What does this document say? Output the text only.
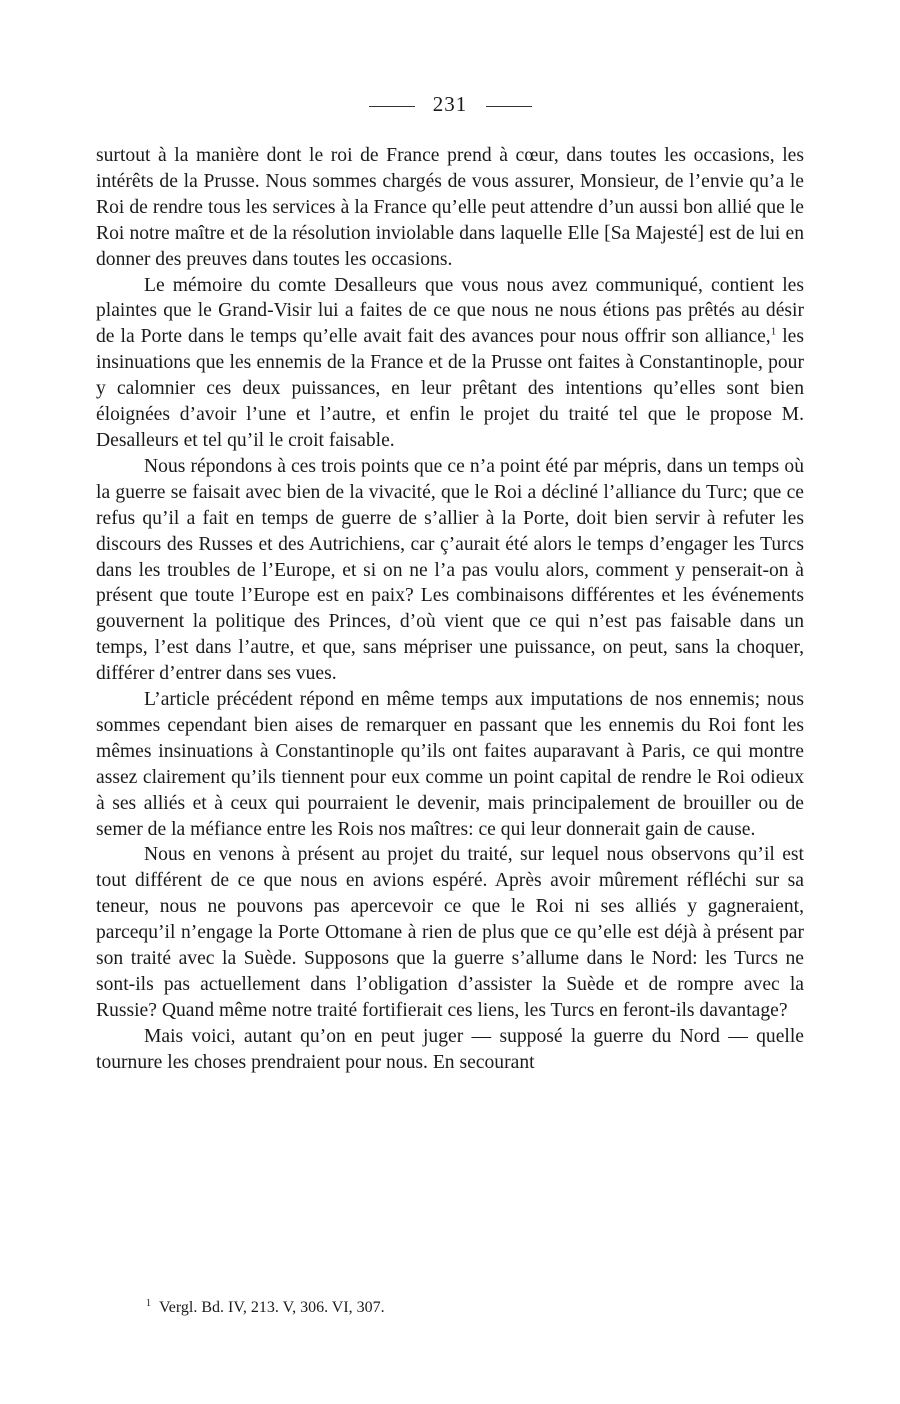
231

surtout à la manière dont le roi de France prend à cœur, dans toutes les occasions, les intérêts de la Prusse. Nous sommes chargés de vous assurer, Monsieur, de l’envie qu’a le Roi de rendre tous les services à la France qu’elle peut attendre d’un aussi bon allié que le Roi notre maître et de la résolution inviolable dans laquelle Elle [Sa Majesté] est de lui en donner des preuves dans toutes les occasions.

Le mémoire du comte Desalleurs que vous nous avez communiqué, contient les plaintes que le Grand-Visir lui a faites de ce que nous ne nous étions pas prêtés au désir de la Porte dans le temps qu’elle avait fait des avances pour nous offrir son alliance,$^1$ les insinuations que les ennemis de la France et de la Prusse ont faites à Constantinople, pour y calomnier ces deux puissances, en leur prêtant des intentions qu’elles sont bien éloignées d’avoir l’une et l’autre, et enfin le projet du traité tel que le propose M. Desalleurs et tel qu’il le croit faisable.

Nous répondons à ces trois points que ce n’a point été par mépris, dans un temps où la guerre se faisait avec bien de la vivacité, que le Roi a décliné l’alliance du Turc; que ce refus qu’il a fait en temps de guerre de s’allier à la Porte, doit bien servir à refuter les discours des Russes et des Autrichiens, car ç’aurait été alors le temps d’engager les Turcs dans les troubles de l’Europe, et si on ne l’a pas voulu alors, comment y penserait-on à présent que toute l’Europe est en paix? Les combinaisons différentes et les événements gouvernent la politique des Princes, d’où vient que ce qui n’est pas faisable dans un temps, l’est dans l’autre, et que, sans mépriser une puissance, on peut, sans la choquer, différer d’entrer dans ses vues.

L’article précédent répond en même temps aux imputations de nos ennemis; nous sommes cependant bien aises de remarquer en passant que les ennemis du Roi font les mêmes insinuations à Constantinople qu’ils ont faites auparavant à Paris, ce qui montre assez clairement qu’ils tiennent pour eux comme un point capital de rendre le Roi odieux à ses alliés et à ceux qui pourraient le devenir, mais principalement de brouiller ou de semer de la méfiance entre les Rois nos maîtres: ce qui leur donnerait gain de cause.

Nous en venons à présent au projet du traité, sur lequel nous observons qu’il est tout différent de ce que nous en avions espéré. Après avoir mûrement réfléchi sur sa teneur, nous ne pouvons pas apercevoir ce que le Roi ni ses alliés y gagneraient, parcequ’il n’engage la Porte Ottomane à rien de plus que ce qu’elle est déjà à présent par son traité avec la Suède. Supposons que la guerre s’allume dans le Nord: les Turcs ne sont-ils pas actuellement dans l’obligation d’assister la Suède et de rompre avec la Russie? Quand même notre traité fortifierait ces liens, les Turcs en feront-ils davantage?

Mais voici, autant qu’on en peut juger — supposé la guerre du Nord — quelle tournure les choses prendraient pour nous. En secourant

$^1$ Vergl. Bd. IV, 213. V, 306. VI, 307.
